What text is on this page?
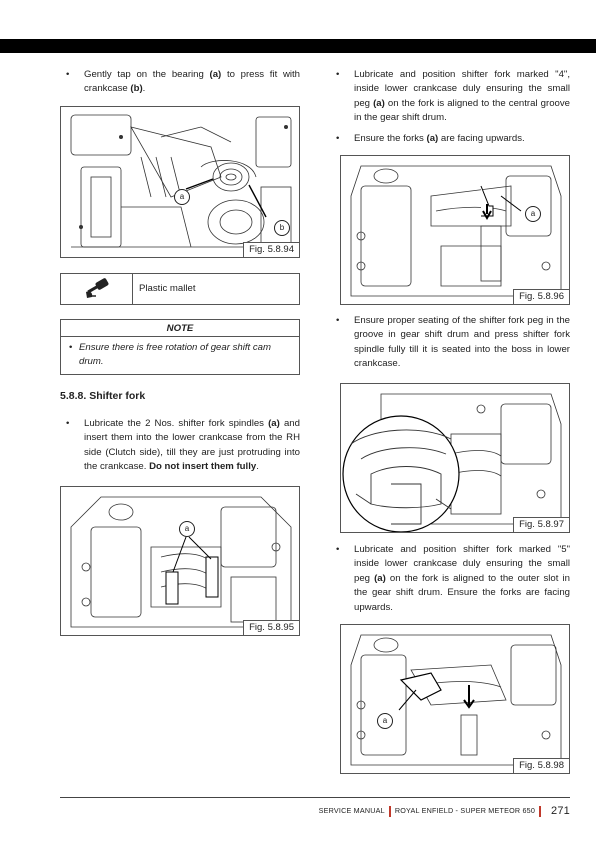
• Gently tap on the bearing (a) to press fit with crankcase (b).

a
b
Fig. 5.8.94
Plastic mallet
NOTE

• Ensure there is free rotation of gear shift cam drum.

5.8.8. Shifter fork

• Lubricate the 2 Nos. shifter fork spindles (a) and insert them into the lower crankcase from the RH side (Clutch side), till they are just protruding into the crankcase. Do not insert them fully.

a
Fig. 5.8.95

• Lubricate and position shifter fork marked "4", inside lower crankcase duly ensuring the small peg (a) on the fork is aligned to the central groove in the gear shift drum.

• Ensure the forks (a) are facing upwards.

a
Fig. 5.8.96

• Ensure proper seating of the shifter fork peg in the groove in gear shift drum and press shifter fork spindle fully till it is seated into the boss in lower crankcase.

Fig. 5.8.97

• Lubricate and position shifter fork marked "5" inside lower crankcase duly ensuring the small peg (a) on the fork is aligned to the outer slot in the gear shift drum. Ensure the forks are facing upwards.

a
Fig. 5.8.98
SERVICE MANUAL ROYAL ENFIELD - SUPER METEOR 650 271
